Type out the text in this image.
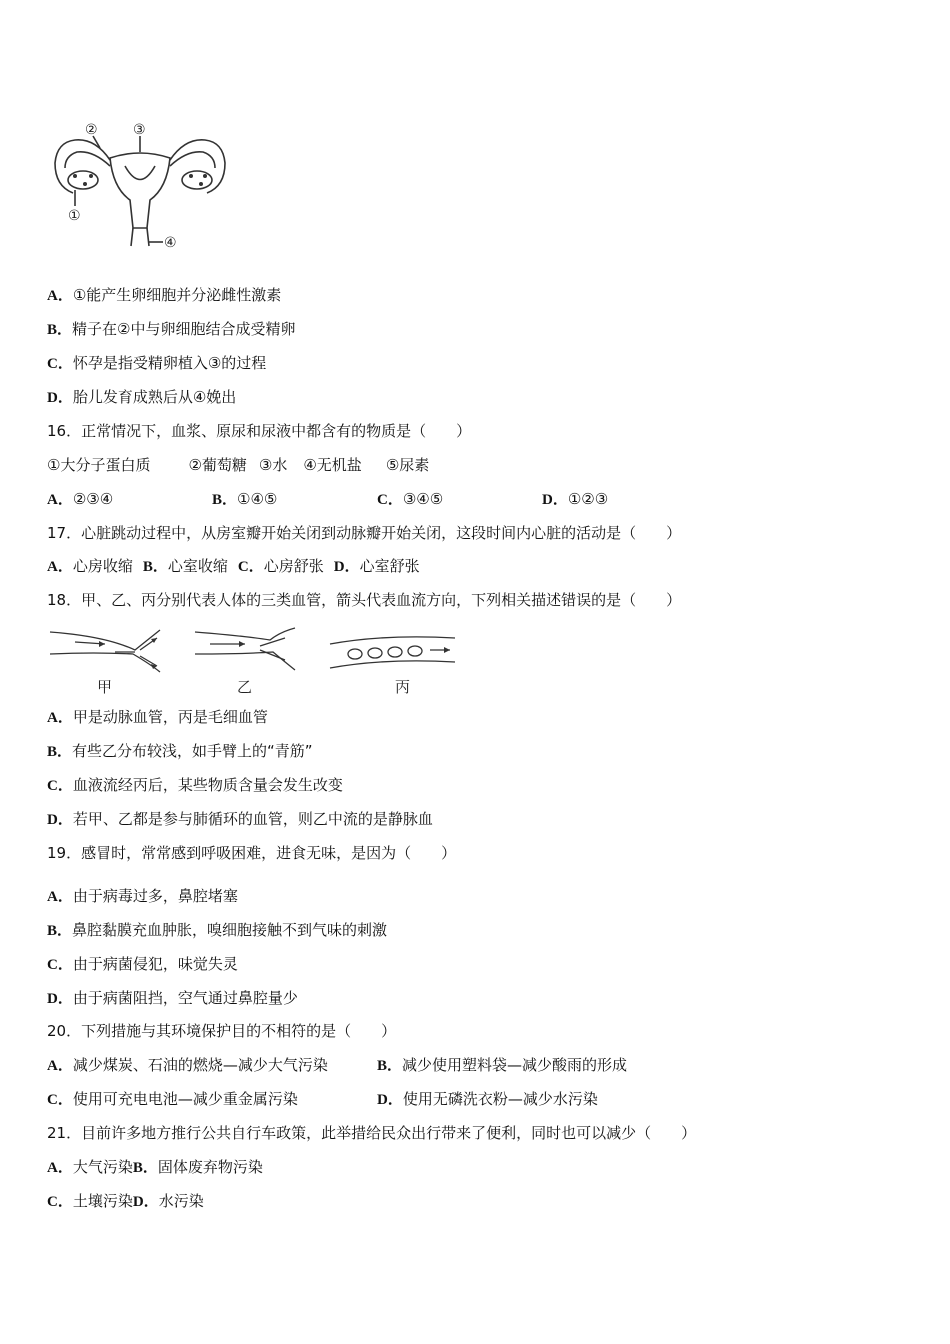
②	③
①
④
A．①能产生卵细胞并分泌雌性激素
B．精子在②中与卵细胞结合成受精卵
C．怀孕是指受精卵植入③的过程
D．胎儿发育成熟后从④娩出
16．正常情况下，血浆、原尿和尿液中都含有的物质是（　　）
①大分子蛋白质	②葡萄糖 ③水 ④无机盐 ⑤尿素
A．②③④	B．①④⑤	C．③④⑤	D．①②③
17．心脏跳动过程中，从房室瓣开始关闭到动脉瓣开始关闭，这段时间内心脏的活动是（　　）
A．心房收缩 B．心室收缩 C．心房舒张 D．心室舒张
18．甲、乙、丙分别代表人体的三类血管，箭头代表血流方向，下列相关描述错误的是（　　）
甲	乙	丙
A．甲是动脉血管，丙是毛细血管
B．有些乙分布较浅，如手臂上的“青筋”
C．血液流经丙后，某些物质含量会发生改变
D．若甲、乙都是参与肺循环的血管，则乙中流的是静脉血
19．感冒时，常常感到呼吸困难，进食无味，是因为（　　）
A．由于病毒过多，鼻腔堵塞
B．鼻腔黏膜充血肿胀，嗅细胞接触不到气味的刺激
C．由于病菌侵犯，味觉失灵
D．由于病菌阻挡，空气通过鼻腔量少
20．下列措施与其环境保护目的不相符的是（　　）
A．减少煤炭、石油的燃烧—减少大气污染	B．减少使用塑料袋—减少酸雨的形成
C．使用可充电电池—减少重金属污染	D．使用无磷洗衣粉—减少水污染
21．目前许多地方推行公共自行车政策，此举措给民众出行带来了便利，同时也可以减少（　　）
A．大气污染B．固体废弃物污染
C．土壤污染D．水污染
